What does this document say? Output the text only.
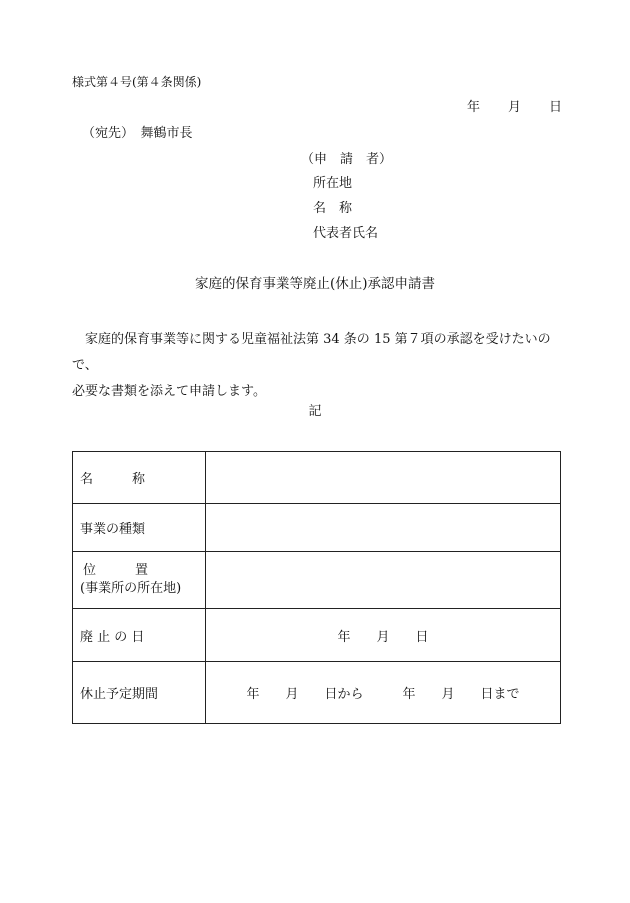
様式第４号(第４条関係)
年 月 日
（宛先）　舞鶴市長
（申　請　者）
所在地
名　称
代表者氏名
家庭的保育事業等廃止(休止)承認申請書
家庭的保育事業等に関する児童福祉法第 34 条の 15 第７項の承認を受けたいので、
必要な書類を添えて申請します。
記
名　　　称	
事業の種類	

位　　　置
(事業所の所在地)	

廃 止 の 日	年　　月　　日
休止予定期間	年　　月　　日から　　　年　　月　　日まで
